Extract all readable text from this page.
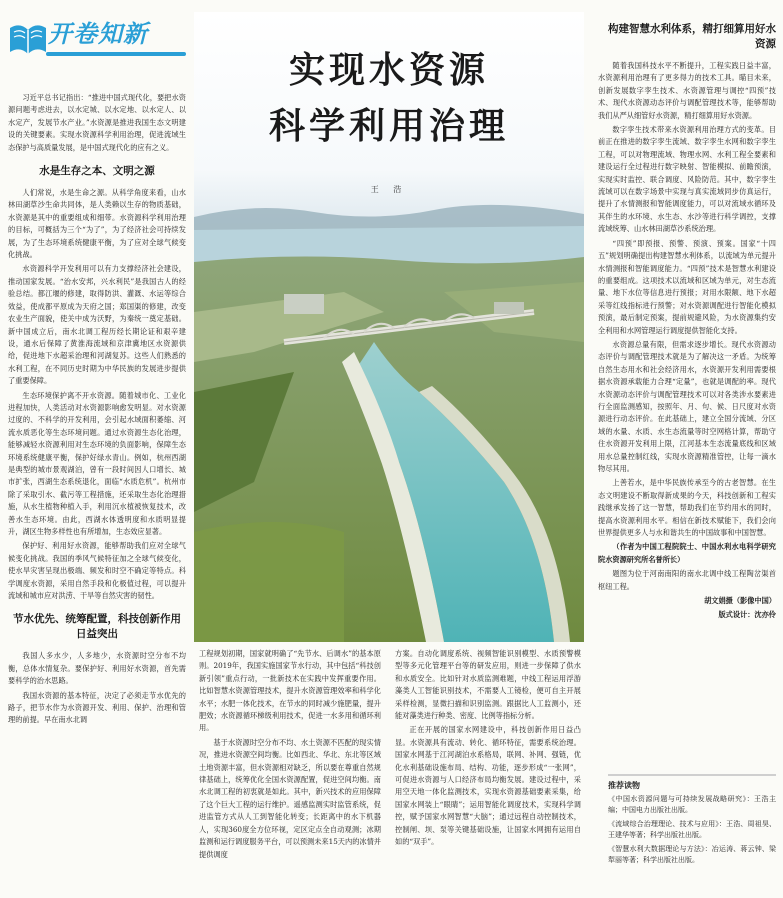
开卷知新

习近平总书记指出：“推进中国式现代化，要把水资源问题考虑进去，以水定城、以水定地、以水定人、以水定产，发展节水产业。”水资源是推进我国生态文明建设的关键要素。实现水资源科学利用治理，促进流域生态保护与高质量发展，是中国式现代化的应有之义。

水是生存之本、文明之源

人们常说，水是生命之源。从科学角度来看，山水林田湖草沙生命共同体，是人类赖以生存的物质基础，水资源是其中的重要组成和细带。水资源科学利用治理的目标，可概括为三个“为了”，为了经济社会可持续发展，为了生态环境系统健康平衡，为了应对全球气候变化挑战。

水资源科学开发利用可以有力支撑经济社会建设，推动国家发展。“治水安邦，兴水利民”是我国古人的经验总结。都江堰的修建，取得防洪、灌溉、水运等综合效益，使成都平原成为天府之国；郑国渠的修建，改变农业生产面貌，使关中成为沃野，为秦统一奠定基础。新中国成立后，南水北调工程历经长期论证和艰辛建设，通水后保障了黄淮海流域和京津冀地区水资源供给，促进地下水超采治理和河湖复苏。这些人们熟悉的水利工程，在不同历史时期为中华民族的发展进步提供了重要保障。

生态环境保护离不开水资源。随着城市化、工业化进程加快，人类活动对水资源影响愈发明显。对水资源过度的、不科学的开发利用，会引起水域面积萎缩、河流水质恶化等生态环境问题。通过水资源生态化治理，能够减轻水资源利用对生态环境的负面影响，保障生态环境系统健康平衡，保护好绿水青山。例如，杭州西湖是典型的城市景观湖泊，曾有一段时间因人口增长、城市扩张，西湖生态系统退化，面临“水质危机”。杭州市除了采取引水、截污等工程措施，还采取生态化治理措施，从水生植物种植入手，利用沉水植被恢复技术，改善水生态环境。由此，西湖水体透明度和水质明显提升，湖区生物多样性也有所增加，生态效应显著。

保护好、利用好水资源，能够帮助我们应对全球气候变化挑战。我国的季风气候特征加之全球气候变化，使水旱灾害呈现出极端、频发和时空不确定等特点。科学调度水资源，采用自然手段和化极值过程，可以提升流域和城市应对洪涝、干旱等自然灾害的韧性。

节水优先、统筹配置，科技创新作用日益突出

我国人多水少，人多地少，水资源时空分布不均衡，总体水情复杂。要保护好、利用好水资源，首先需要科学的治水思路。

我国水资源的基本特征，决定了必须走节水优先的路子，把节水作为水资源开发、利用、保护、治理和管理的前提。早在南水北调

实现水资源
科学利用治理
王 浩

工程规划初期，国家就明确了“先节水、后调水”的基本原则。2019年，我国实施国家节水行动，其中包括“科技创新引领”重点行动，一批新技术在实践中发挥重要作用。比如智慧水资源管理技术，提升水资源管理效率和科学化水平；水肥一体化技术，在节水的同时减少施肥量，提升肥效；水资源循环梯级利用技术，促进一水多用和循环利用。

基于水资源时空分布不均、水土资源不匹配的现实情况，推进水资源空间均衡。比如西北、华北、东北等区域土地资源丰富，但水资源相对缺乏，所以要在尊重自然规律基础上，统筹优化全国水资源配置，促进空间均衡。南水北调工程的初衷就是如此。其中，新兴技术的应用保障了这个巨大工程的运行维护。遥感监测实时监管系统，促进监管方式从人工到智能化转变；长距离中的水下机器人，实现360度全方位环视，定区定点全自动观测；冰期监测和运行调度服务平台，可以预测未来15天内的冰情并提供调度

方案。自动化调度系统、视频智能识别模型、水质预警模型等多元化管理平台等的研发应用，则进一步保障了供水和水质安全。比如针对水质监测难题，中线工程运用浮游藻类人工智能识别技术，不需要人工镜检，便可自主开展采样检测，显微扫描和识别监测。跟据比人工监测小，还能对藻类进行种类、密度、比例等指标分析。

正在开展的国家水网建设中，科技创新作用日益凸显。水资源具有流动、转化、循环特征，需要系统治理。国家水网基于江河湖泊水系格局，联网、补网、强链，优化水利基础设施布局、结构、功能，逐步形成“一张网”，可促进水资源与人口经济布局均衡发展。建设过程中，采用空天地一体化监测技术，实现水资源基础要素采集，给国家水网装上“眼睛”；运用智能化调度技术，实现科学调控，赋予国家水网智慧“大脑”；通过远程自动控制技术，控制闸、坝、泵等关键基础设施，让国家水网拥有运用自如的“双手”。

构建智慧水利体系，精打细算用好水资源

随着我国科技水平不断提升，工程实践日益丰富，水资源利用治理有了更多得力的技术工具。瞄目未来，创新发展数字孪生技术、水资源管理与调控“四预”技术、现代水资源动态评价与调配管理技术等，能够帮助我们从严从细管好水资源，精打细算用好水资源。

数字孪生技术带来水资源利用治理方式的变革。目前正在推进的数字孪生流域、数字孪生水网和数字孪生工程，可以对物理流域、物理水网、水利工程全要素和建设运行全过程进行数字映射、智能模拟、前瞻预演，实现实时监控、联合调度、风险防范。其中，数字孪生流域可以在数字场景中实现与真实流域同步仿真运行，提升了水情测报和智能调度能力，可以对流域水循环及其伴生的水环境、水生态、水沙等进行科学调控，支撑流域统筹、山水林田湖草沙系统治理。

“四预”即预报、预警、预演、预案。国家“十四五”规划明确提出构建智慧水利体系，以流域为单元提升水情测报和智能调度能力。“四预”技术是智慧水利建设的重要组成。这项技术以流域和区域为单元，对生态流量、地下水位等信息进行预报；对用水限额、地下水超采等红线指标进行预警；对水资源调配进行智能化模拟预演，最后制定预案，提前规避风险，为水资源集约安全利用和水网管理运行调度提供智能化支持。

水资源总量有限，但需求逐步增长。现代水资源动态评价与调配管理技术就是为了解决这一矛盾。为统筹自然生态用水和社会经济用水，水资源开发利用需要根据水资源承载能力合理“定量”，也就是调配的率。现代水资源动态评价与调配管理技术可以对各类涉水要素进行全面监测感知，按照年、月、句、候、日尺度对水资源进行动态评价。在此基础上，建立全国分流域、分区域的水量、水质、水生态流量等时空网格计算，帮助守住水资源开发利用上限，江河基本生态流量底线和区域用水总量控制红线，实现水资源精准管控，让每一滴水物尽其用。

上善若水，是中华民族传承至今的古老智慧。在生态文明建设不断取得新成果的今天，科技创新和工程实践继承发扬了这一智慧，帮助我们在节约用水的同时，提高水资源利用水平。相信在新技术赋能下，我们会向世界提供更多人与水和谐共生的中国故事和中国智慧。

（作者为中国工程院院士、中国水利水电科学研究院水资源研究所名誉所长）

题图为位于河南南阳的南水北调中线工程陶岔渠首枢纽工程。

胡文娟摄（影像中国）

版式设计：沈亦伶

推荐读物
《中国水资源问题与可持续发展战略研究》：王浩主编；中国电力出版社出版。
《流域综合治理理论、技术与应用》：王浩、周祖昊、王建华等著；科学出版社出版。
《智慧水利大数据理论与方法》：冶运涛、蒋云钟、梁犁丽等著；科学出版社出版。
